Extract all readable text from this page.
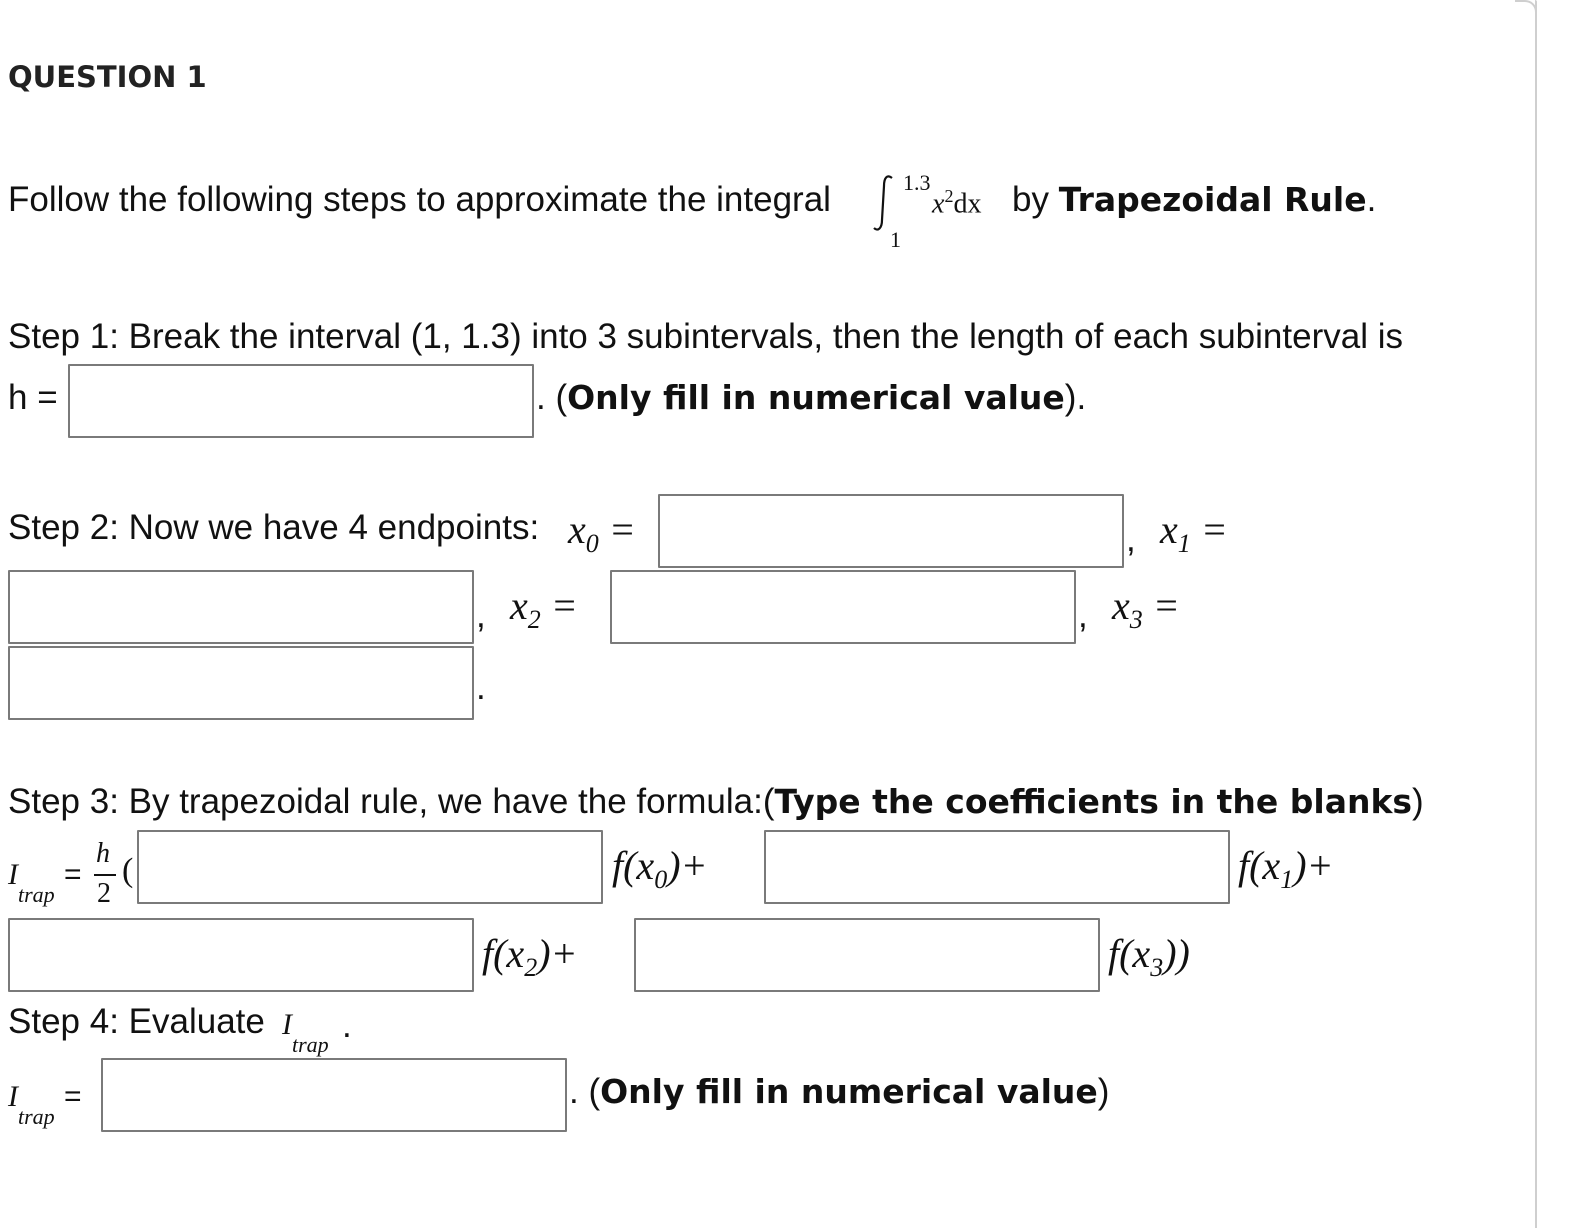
QUESTION 1
Follow the following steps to approximate the integral	1.3
1
$x^2dx$ by Trapezoidal Rule.
Step 1: Break the interval (1, 1.3) into 3 subintervals, then the length of each subinterval is
h =	. (Only fill in numerical value).
Step 2: Now we have 4 endpoints: $x_0$ =	, $x_1$ =
, $x_2$ =	, $x_3$ =
.
Step 3: By trapezoidal rule, we have the formula:(Type the coefficients in the blanks)
I
trap
=
h
2
(	$f(x_0)+$	$f(x_1)+$
$f(x_2)+$	$f(x_3)$)
Step 4: Evaluate I
trap .
I
trap
=	. (Only fill in numerical value)
